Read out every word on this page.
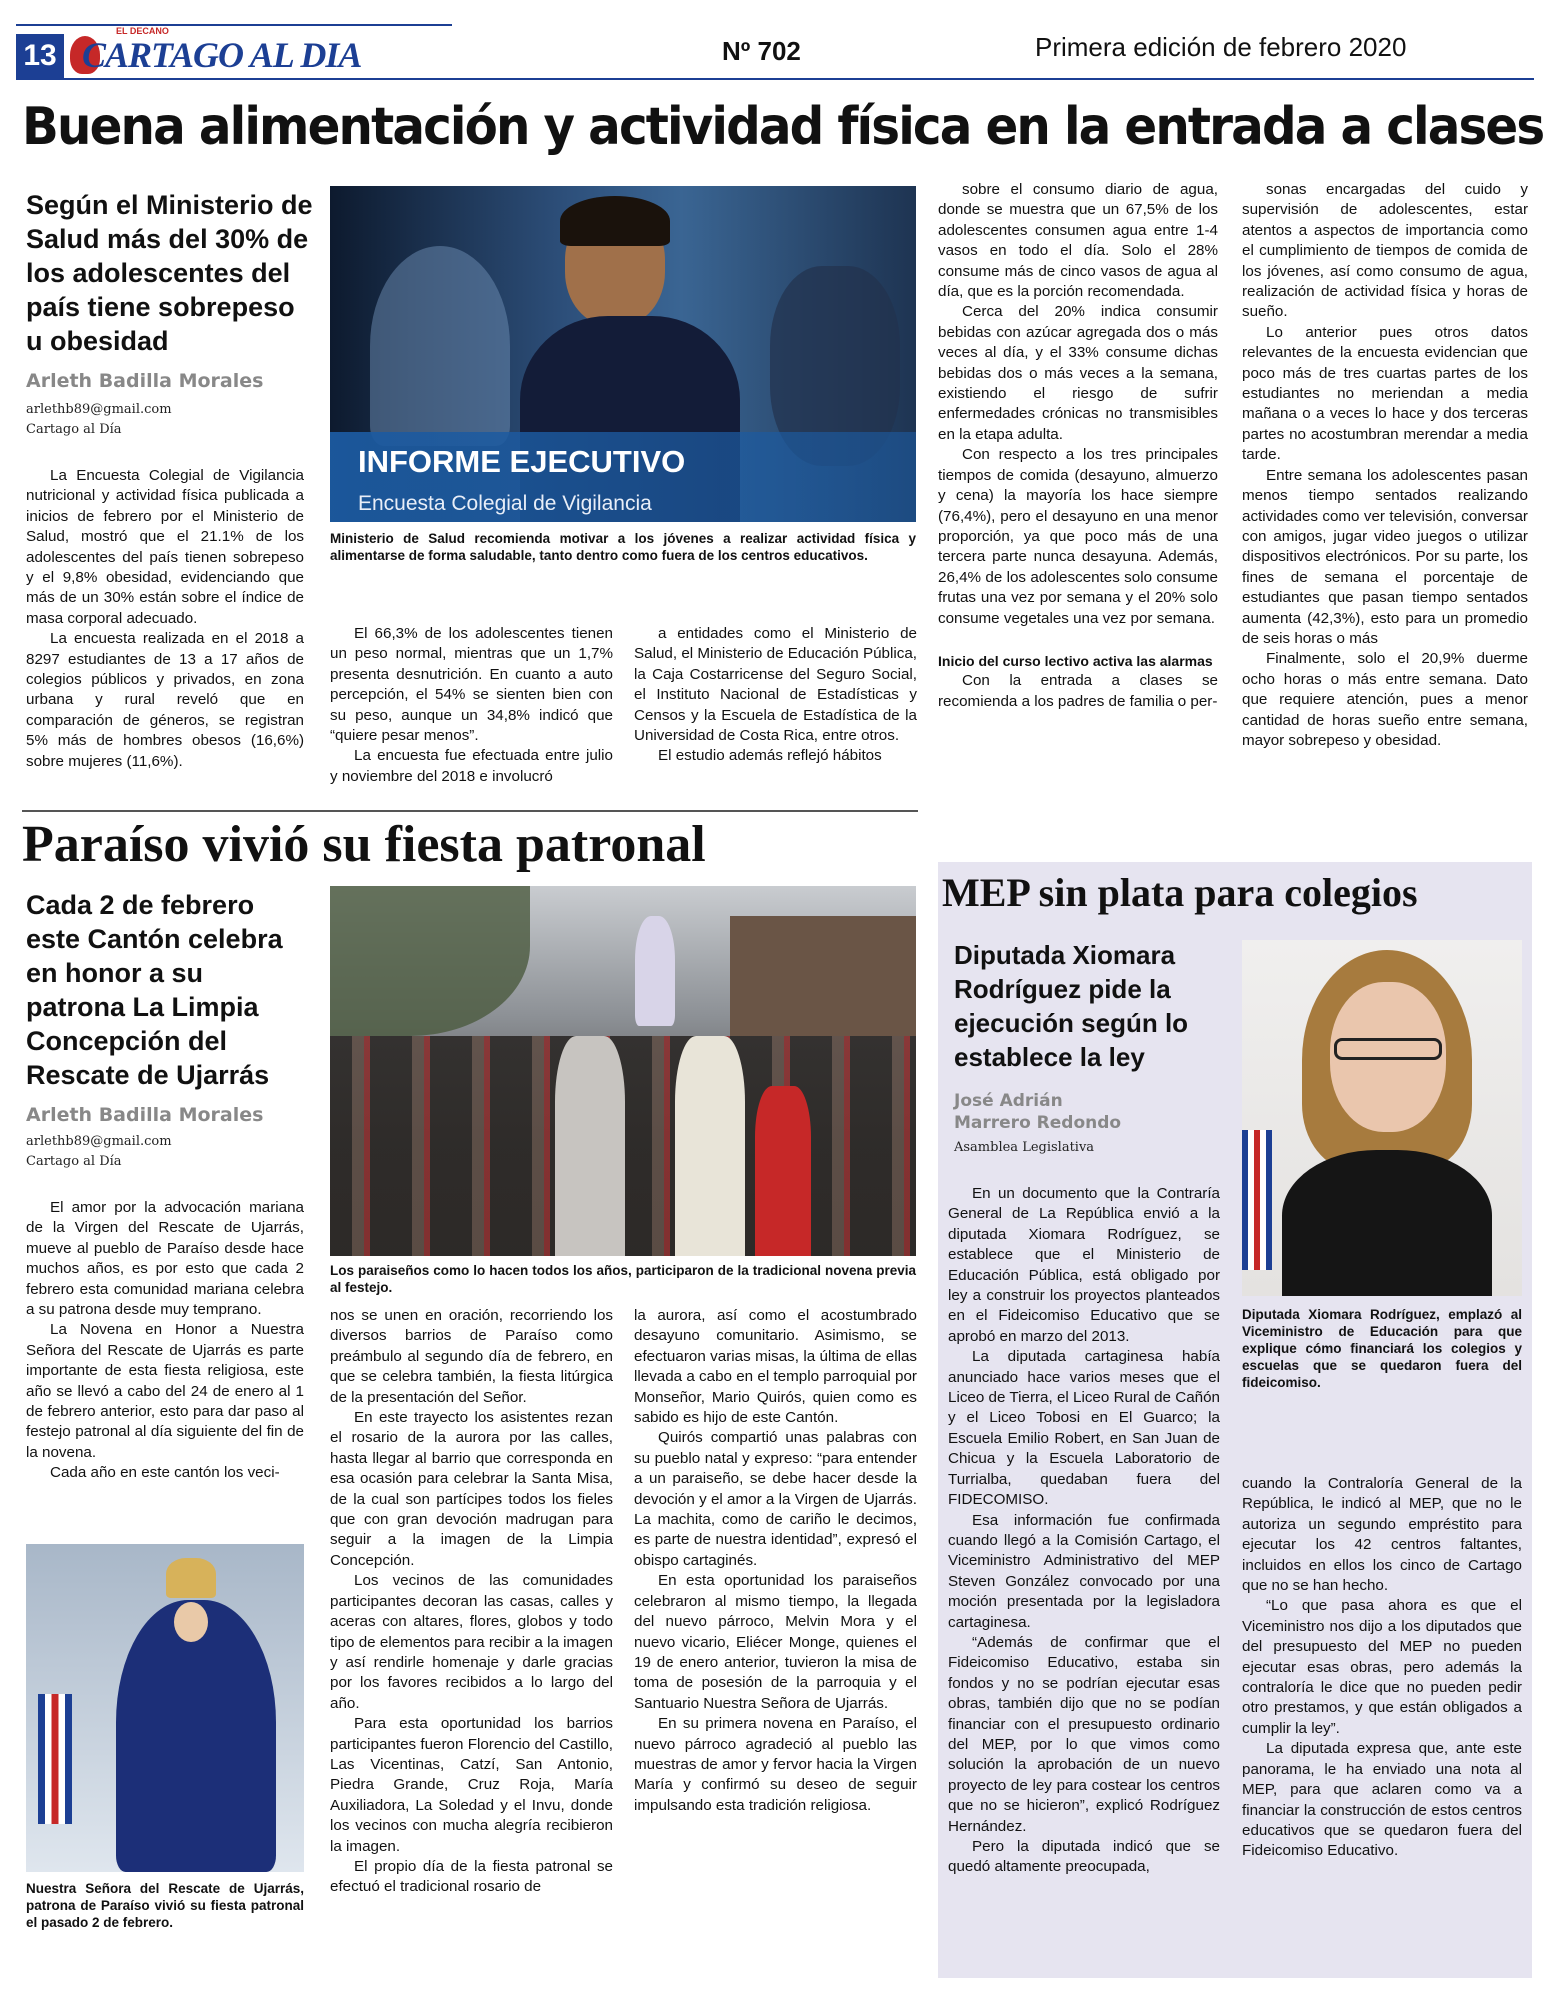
13
EL DECANO
CARTAGO AL DIA	Nº 702	Primera edición de febrero 2020
Buena alimentación y actividad física en la entrada a clases
Según el Ministerio de Salud más del 30% de los adolescentes del país tiene sobrepeso u obesidad
Arleth Badilla Morales
arlethb89@gmail.com
Cartago al Día

La Encuesta Colegial de Vigilancia nutricional y actividad física publicada a inicios de febrero por el Ministerio de Salud, mostró que el 21.1% de los adolescentes del país tienen sobrepeso y el 9,8% obesidad, evidenciando que más de un 30% están sobre el índice de masa corporal adecuado.

La encuesta realizada en el 2018 a 8297 estudiantes de 13 a 17 años de colegios públicos y privados, en zona urbana y rural reveló que en comparación de géneros, se registran 5% más de hombres obesos (16,6%) sobre mujeres (11,6%).

INFORME EJECUTIVO
Encuesta Colegial de Vigilancia
Ministerio de Salud recomienda motivar a los jóvenes a realizar actividad física y alimentarse de forma saludable, tanto dentro como fuera de los centros educativos.

El 66,3% de los adolescentes tienen un peso normal, mientras que un 1,7% presenta desnutrición. En cuanto a auto percepción, el 54% se sienten bien con su peso, aunque un 34,8% indicó que “quiere pesar menos”.

La encuesta fue efectuada entre julio y noviembre del 2018 e involucró

a entidades como el Ministerio de Salud, el Ministerio de Educación Pública, la Caja Costarricense del Seguro Social, el Instituto Nacional de Estadísticas y Censos y la Escuela de Estadística de la Universidad de Costa Rica, entre otros.

El estudio además reflejó hábitos

sobre el consumo diario de agua, donde se muestra que un 67,5% de los adolescentes consumen agua entre 1-4 vasos en todo el día. Solo el 28% consume más de cinco vasos de agua al día, que es la porción recomendada.

Cerca del 20% indica consumir bebidas con azúcar agregada dos o más veces al día, y el 33% consume dichas bebidas dos o más veces a la semana, existiendo el riesgo de sufrir enfermedades crónicas no transmisibles en la etapa adulta.

Con respecto a los tres principales tiempos de comida (desayuno, almuerzo y cena) la mayoría los hace siempre (76,4%), pero el desayuno en una menor proporción, ya que poco más de una tercera parte nunca desayuna. Además, 26,4% de los adolescentes solo consume frutas una vez por semana y el 20% solo consume vegetales una vez por semana.

Inicio del curso lectivo activa las alarmas

Con la entrada a clases se recomienda a los padres de familia o per-

sonas encargadas del cuido y supervisión de adolescentes, estar atentos a aspectos de importancia como el cumplimiento de tiempos de comida de los jóvenes, así como consumo de agua, realización de actividad física y horas de sueño.

Lo anterior pues otros datos relevantes de la encuesta evidencian que poco más de tres cuartas partes de los estudiantes no meriendan a media mañana o a veces lo hace y dos terceras partes no acostumbran merendar a media tarde.

Entre semana los adolescentes pasan menos tiempo sentados realizando actividades como ver televisión, conversar con amigos, jugar video juegos o utilizar dispositivos electrónicos. Por su parte, los fines de semana el porcentaje de estudiantes que pasan tiempo sentados aumenta (42,3%), esto para un promedio de seis horas o más

Finalmente, solo el 20,9% duerme ocho horas o más entre semana. Dato que requiere atención, pues a menor cantidad de horas sueño entre semana, mayor sobrepeso y obesidad.

Paraíso vivió su fiesta patronal
Cada 2 de febrero este Cantón celebra en honor a su patrona La Limpia Concepción del Rescate de Ujarrás
Arleth Badilla Morales
arlethb89@gmail.com
Cartago al Día

El amor por la advocación mariana de la Virgen del Rescate de Ujarrás, mueve al pueblo de Paraíso desde hace muchos años, es por esto que cada 2 febrero esta comunidad mariana celebra a su patrona desde muy temprano.

La Novena en Honor a Nuestra Señora del Rescate de Ujarrás es parte importante de esta fiesta religiosa, este año se llevó a cabo del 24 de enero al 1 de febrero anterior, esto para dar paso al festejo patronal al día siguiente del fin de la novena.

Cada año en este cantón los veci-

Nuestra Señora del Rescate de Ujarrás, patrona de Paraíso vivió su fiesta patronal el pasado 2 de febrero.
Los paraiseños como lo hacen todos los años, participaron de la tradicional novena previa al festejo.

nos se unen en oración, recorriendo los diversos barrios de Paraíso como preámbulo al segundo día de febrero, en que se celebra también, la fiesta litúrgica de la presentación del Señor.

En este trayecto los asistentes rezan el rosario de la aurora por las calles, hasta llegar al barrio que corresponda en esa ocasión para celebrar la Santa Misa, de la cual son partícipes todos los fieles que con gran devoción madrugan para seguir a la imagen de la Limpia Concepción.

Los vecinos de las comunidades participantes decoran las casas, calles y aceras con altares, flores, globos y todo tipo de elementos para recibir a la imagen y así rendirle homenaje y darle gracias por los favores recibidos a lo largo del año.

Para esta oportunidad los barrios participantes fueron Florencio del Castillo, Las Vicentinas, Catzí, San Antonio, Piedra Grande, Cruz Roja, María Auxiliadora, La Soledad y el Invu, donde los vecinos con mucha alegría recibieron la imagen.

El propio día de la fiesta patronal se efectuó el tradicional rosario de

la aurora, así como el acostumbrado desayuno comunitario. Asimismo, se efectuaron varias misas, la última de ellas llevada a cabo en el templo parroquial por Monseñor, Mario Quirós, quien como es sabido es hijo de este Cantón.

Quirós compartió unas palabras con su pueblo natal y expreso: “para entender a un paraiseño, se debe hacer desde la devoción y el amor a la Virgen de Ujarrás. La machita, como de cariño le decimos, es parte de nuestra identidad”, expresó el obispo cartaginés.

En esta oportunidad los paraiseños celebraron al mismo tiempo, la llegada del nuevo párroco, Melvin Mora y el nuevo vicario, Eliécer Monge, quienes el 19 de enero anterior, tuvieron la misa de toma de posesión de la parroquia y el Santuario Nuestra Señora de Ujarrás.

En su primera novena en Paraíso, el nuevo párroco agradeció al pueblo las muestras de amor y fervor hacia la Virgen María y confirmó su deseo de seguir impulsando esta tradición religiosa.

MEP sin plata para colegios
Diputada Xiomara Rodríguez pide la ejecución según lo establece la ley
José Adrián
Marrero Redondo
Asamblea Legislativa

En un documento que la Contraría General de La República envió a la diputada Xiomara Rodríguez, se establece que el Ministerio de Educación Pública, está obligado por ley a construir los proyectos planteados en el Fideicomiso Educativo que se aprobó en marzo del 2013.

La diputada cartaginesa había anunciado hace varios meses que el Liceo de Tierra, el Liceo Rural de Cañón y el Liceo Tobosi en El Guarco; la Escuela Emilio Robert, en San Juan de Chicua y la Escuela Laboratorio de Turrialba, quedaban fuera del FIDECOMISO.

Esa información fue confirmada cuando llegó a la Comisión Cartago, el Viceministro Administrativo del MEP Steven González convocado por una moción presentada por la legisladora cartaginesa.

“Además de confirmar que el Fideicomiso Educativo, estaba sin fondos y no se podrían ejecutar esas obras, también dijo que no se podían financiar con el presupuesto ordinario del MEP, por lo que vimos como solución la aprobación de un nuevo proyecto de ley para costear los centros que no se hicieron”, explicó Rodríguez Hernández.

Pero la diputada indicó que se quedó altamente preocupada,

Diputada Xiomara Rodríguez, emplazó al Viceministro de Educación para que explique cómo financiará los colegios y escuelas que se quedaron fuera del fideicomiso.

cuando la Contraloría General de la República, le indicó al MEP, que no le autoriza un segundo empréstito para ejecutar los 42 centros faltantes, incluidos en ellos los cinco de Cartago que no se han hecho.

“Lo que pasa ahora es que el Viceministro nos dijo a los diputados que del presupuesto del MEP no pueden ejecutar esas obras, pero además la contraloría le dice que no pueden pedir otro prestamos, y que están obligados a cumplir la ley”.

La diputada expresa que, ante este panorama, le ha enviado una nota al MEP, para que aclaren como va a financiar la construcción de estos centros educativos que se quedaron fuera del Fideicomiso Educativo.
